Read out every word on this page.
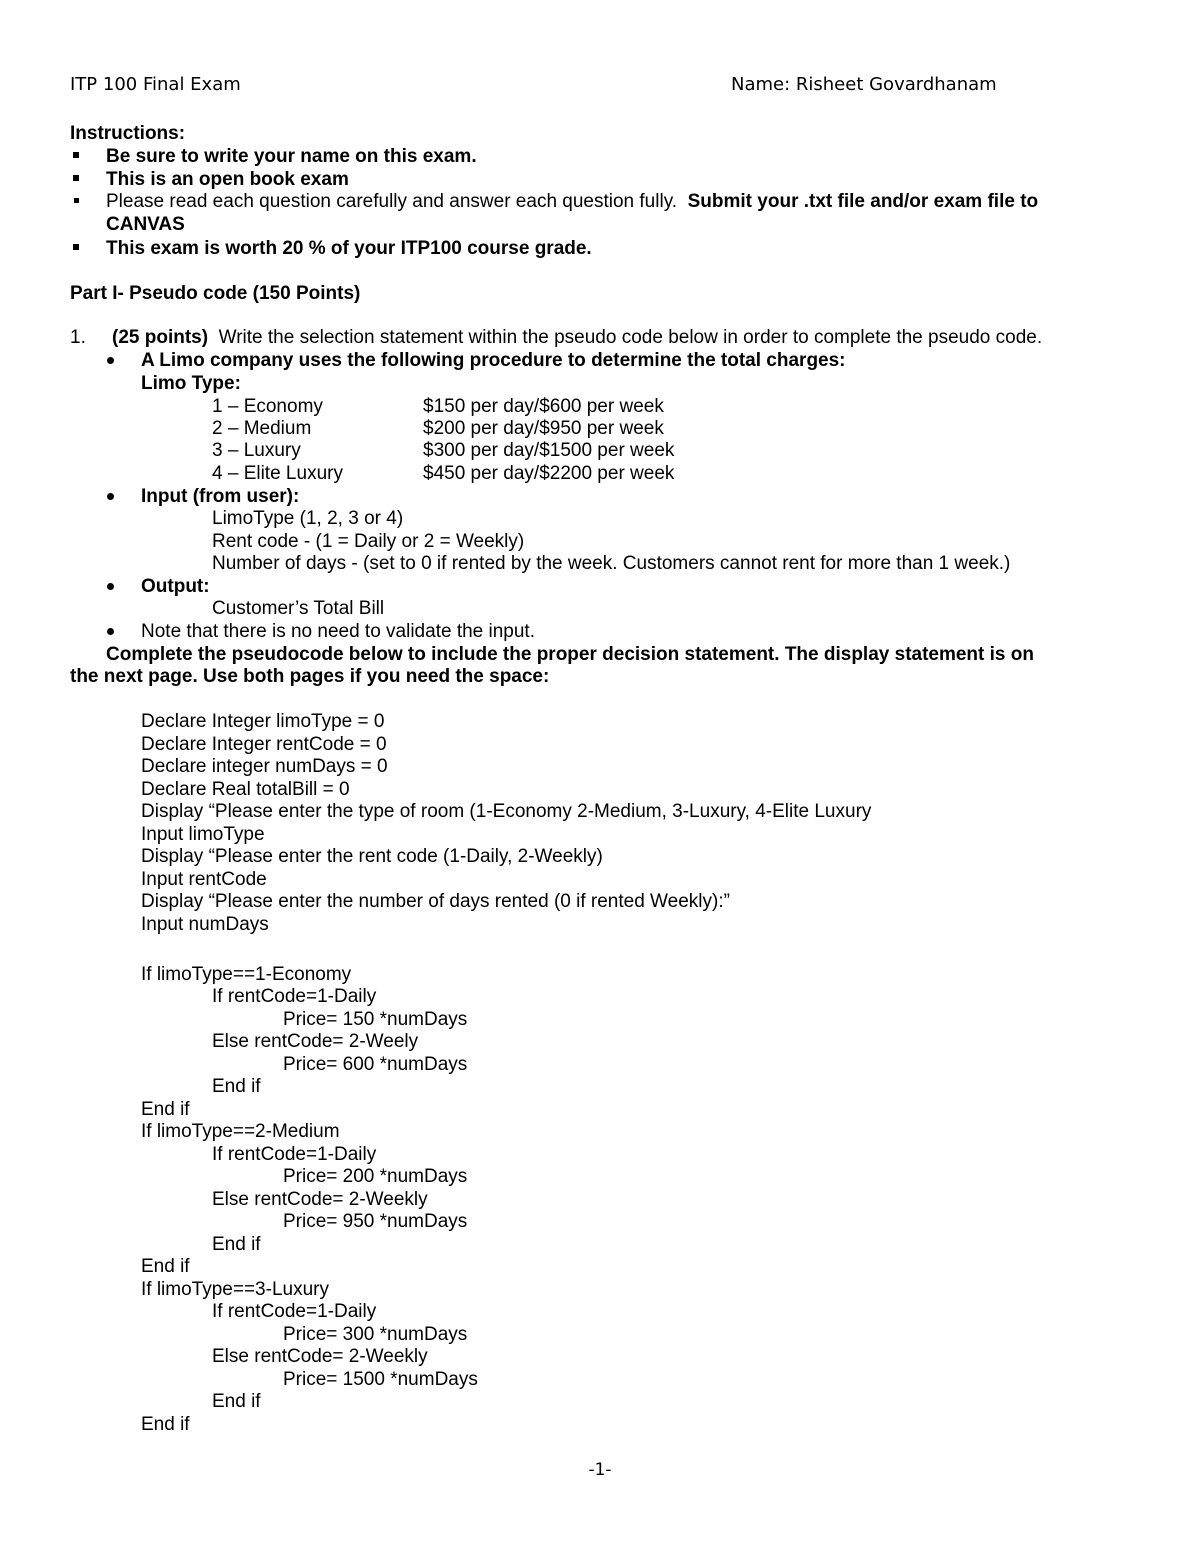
ITP 100 Final Exam	Name: Risheet Govardhanam
Instructions:
Be sure to write your name on this exam.
This is an open book exam
Please read each question carefully and answer each question fully. Submit your .txt file and/or exam file to
CANVAS
This exam is worth 20 % of your ITP100 course grade.
Part I- Pseudo code (150 Points)
1. (25 points) Write the selection statement within the pseudo code below in order to complete the pseudo code.
A Limo company uses the following procedure to determine the total charges:
Limo Type:
1 – Economy	$150 per day/$600 per week
2 – Medium	$200 per day/$950 per week
3 – Luxury	$300 per day/$1500 per week
4 – Elite Luxury	$450 per day/$2200 per week
Input (from user):
LimoType (1, 2, 3 or 4)
Rent code - (1 = Daily or 2 = Weekly)
Number of days - (set to 0 if rented by the week. Customers cannot rent for more than 1 week.)
Output:
Customer’s Total Bill
Note that there is no need to validate the input.
Complete the pseudocode below to include the proper decision statement. The display statement is on
the next page. Use both pages if you need the space:
Declare Integer limoType = 0
Declare Integer rentCode = 0
Declare integer numDays = 0
Declare Real totalBill = 0
Display “Please enter the type of room (1-Economy 2-Medium, 3-Luxury, 4-Elite Luxury
Input limoType
Display “Please enter the rent code (1-Daily, 2-Weekly)
Input rentCode
Display “Please enter the number of days rented (0 if rented Weekly):”
Input numDays
If limoType==1-Economy
If rentCode=1-Daily
Price= 150 *numDays
Else rentCode= 2-Weely
Price= 600 *numDays
End if
End if
If limoType==2-Medium
If rentCode=1-Daily
Price= 200 *numDays
Else rentCode= 2-Weekly
Price= 950 *numDays
End if
End if
If limoType==3-Luxury
If rentCode=1-Daily
Price= 300 *numDays
Else rentCode= 2-Weekly
Price= 1500 *numDays
End if
End if
-1-
